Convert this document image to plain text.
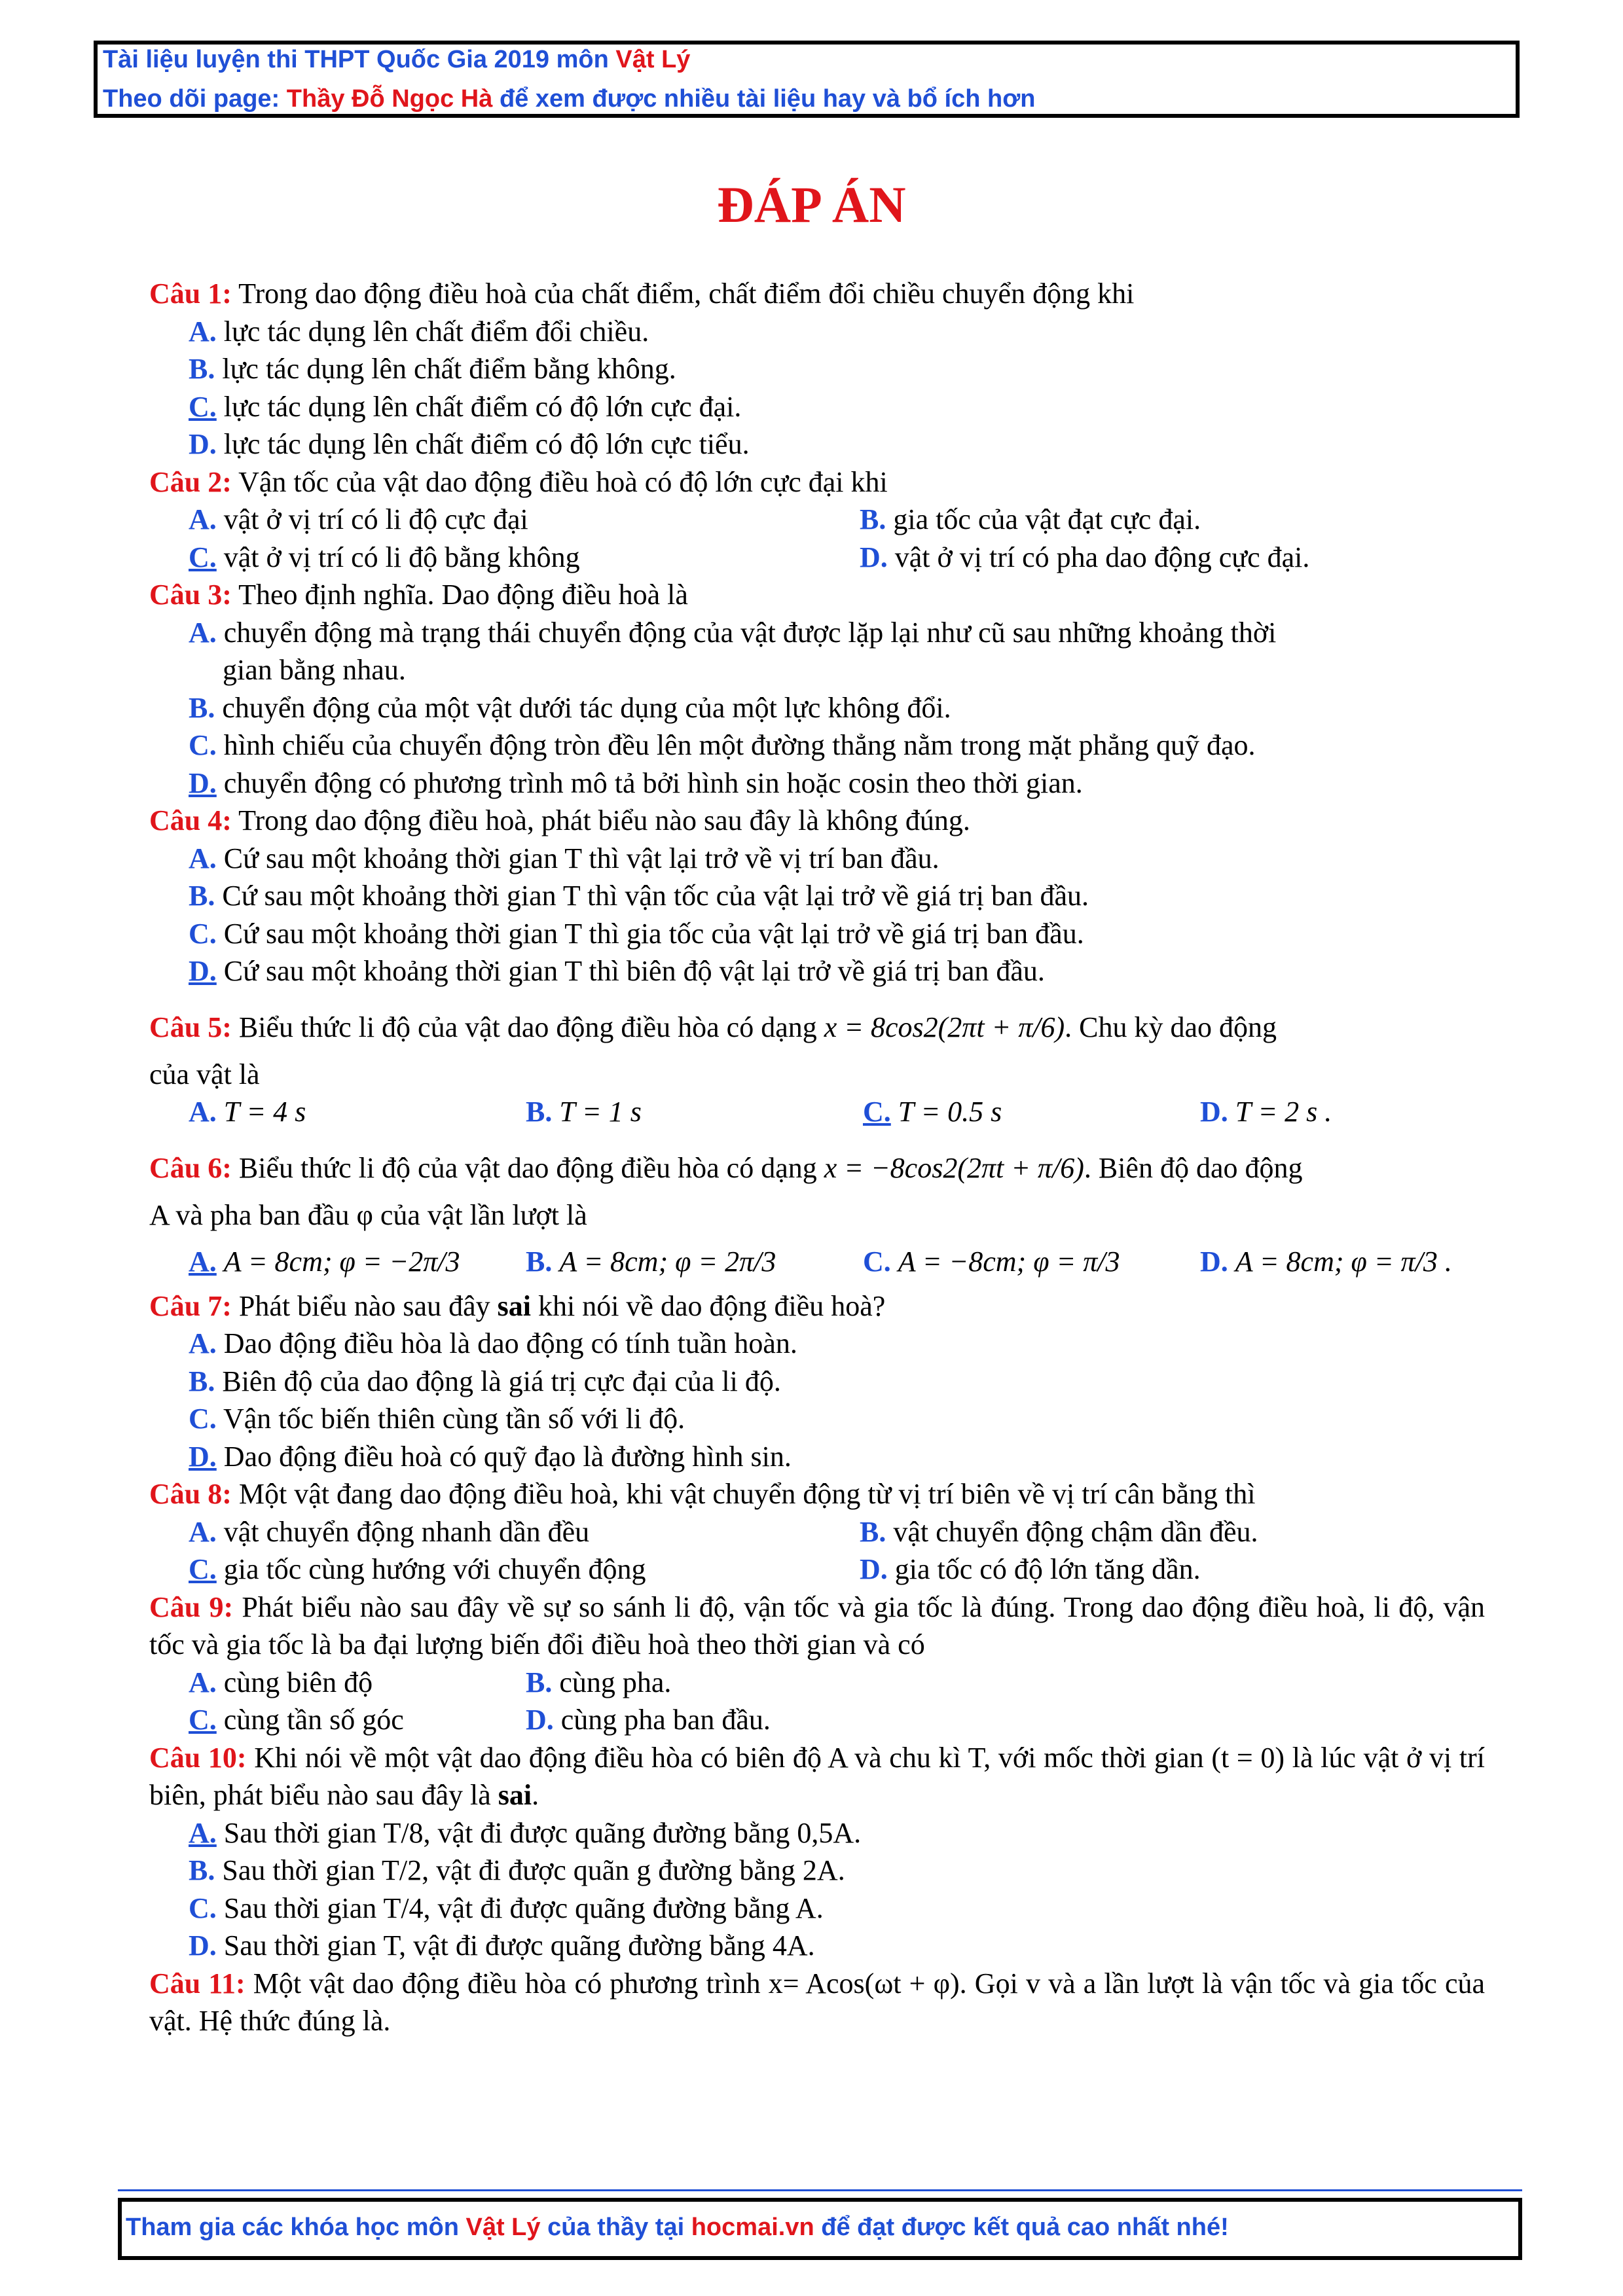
Tài liệu luyện thi THPT Quốc Gia 2019 môn Vật Lý
Theo dõi page: Thầy Đỗ Ngọc Hà để xem được nhiều tài liệu hay và bổ ích hơn
ĐÁP ÁN

Câu 1: Trong dao động điều hoà của chất điểm, chất điểm đổi chiều chuyển động khi

A. lực tác dụng lên chất điểm đổi chiều.

B. lực tác dụng lên chất điểm bằng không.

C. lực tác dụng lên chất điểm có độ lớn cực đại.

D. lực tác dụng lên chất điểm có độ lớn cực tiểu.

Câu 2: Vận tốc của vật dao động điều hoà có độ lớn cực đại khi

A. vật ở vị trí có li độ cực đại	B. gia tốc của vật đạt cực đại.
C. vật ở vị trí có li độ bằng không	D. vật ở vị trí có pha dao động cực đại.

Câu 3: Theo định nghĩa. Dao động điều hoà là

A. chuyển động mà trạng thái chuyển động của vật được lặp lại như cũ sau những khoảng thời
gian bằng nhau.

B. chuyển động của một vật dưới tác dụng của một lực không đổi.

C. hình chiếu của chuyển động tròn đều lên một đường thẳng nằm trong mặt phẳng quỹ đạo.

D. chuyển động có phương trình mô tả bởi hình sin hoặc cosin theo thời gian.

Câu 4: Trong dao động điều hoà, phát biểu nào sau đây là không đúng.

A. Cứ sau một khoảng thời gian T thì vật lại trở về vị trí ban đầu.

B. Cứ sau một khoảng thời gian T thì vận tốc của vật lại trở về giá trị ban đầu.

C. Cứ sau một khoảng thời gian T thì gia tốc của vật lại trở về giá trị ban đầu.

D. Cứ sau một khoảng thời gian T thì biên độ vật lại trở về giá trị ban đầu.

Câu 5: Biểu thức li độ của vật dao động điều hòa có dạng x = 8cos2(2πt + π/6). Chu kỳ dao động

của vật là

A. T = 4 s	B. T = 1 s	C. T = 0.5 s	D. T = 2 s .

Câu 6: Biểu thức li độ của vật dao động điều hòa có dạng x = −8cos2(2πt + π/6). Biên độ dao động

A và pha ban đầu φ của vật lần lượt là

A. A = 8cm; φ = −2π/3	B. A = 8cm; φ = 2π/3	C. A = −8cm; φ = π/3	D. A = 8cm; φ = π/3 .

Câu 7: Phát biểu nào sau đây sai khi nói về dao động điều hoà?

A. Dao động điều hòa là dao động có tính tuần hoàn.

B. Biên độ của dao động là giá trị cực đại của li độ.

C. Vận tốc biến thiên cùng tần số với li độ.

D. Dao động điều hoà có quỹ đạo là đường hình sin.

Câu 8: Một vật đang dao động điều hoà, khi vật chuyển động từ vị trí biên về vị trí cân bằng thì

A. vật chuyển động nhanh dần đều	B. vật chuyển động chậm dần đều.
C. gia tốc cùng hướng với chuyển động	D. gia tốc có độ lớn tăng dần.

Câu 9: Phát biểu nào sau đây về sự so sánh li độ, vận tốc và gia tốc là đúng. Trong dao động điều hoà, li độ, vận tốc và gia tốc là ba đại lượng biến đổi điều hoà theo thời gian và có

A. cùng biên độ	B. cùng pha.
C. cùng tần số góc	D. cùng pha ban đầu.

Câu 10: Khi nói về một vật dao động điều hòa có biên độ A và chu kì T, với mốc thời gian (t = 0) là lúc vật ở vị trí biên, phát biểu nào sau đây là sai.

A. Sau thời gian T/8, vật đi được quãng đường bằng 0,5A.

B. Sau thời gian T/2, vật đi được quãn g đường bằng 2A.

C. Sau thời gian T/4, vật đi được quãng đường bằng A.

D. Sau thời gian T, vật đi được quãng đường bằng 4A.

Câu 11: Một vật dao động điều hòa có phương trình x= Acos(ωt + φ). Gọi v và a lần lượt là vận tốc và gia tốc của vật. Hệ thức đúng là.

Tham gia các khóa học môn Vật Lý của thầy tại hocmai.vn để đạt được kết quả cao nhất nhé!
